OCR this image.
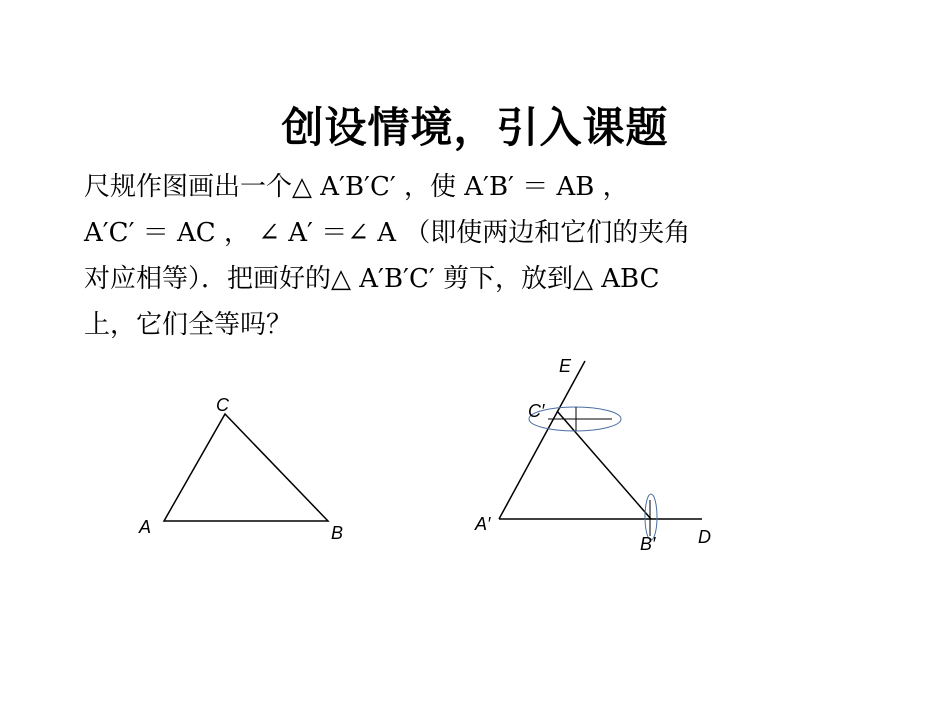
创设情境，引入课题
尺规作图画出一个△ A′B′C′ ，使 A′B′ ＝ AB ，
A′C′ ＝ AC ， ∠ A′ ＝∠ A （即使两边和它们的夹角
对应相等）．把画好的△ A′B′C′ 剪下，放到△ ABC
上，它们全等吗？
C
A	B
E
C′
A′
B′ D
